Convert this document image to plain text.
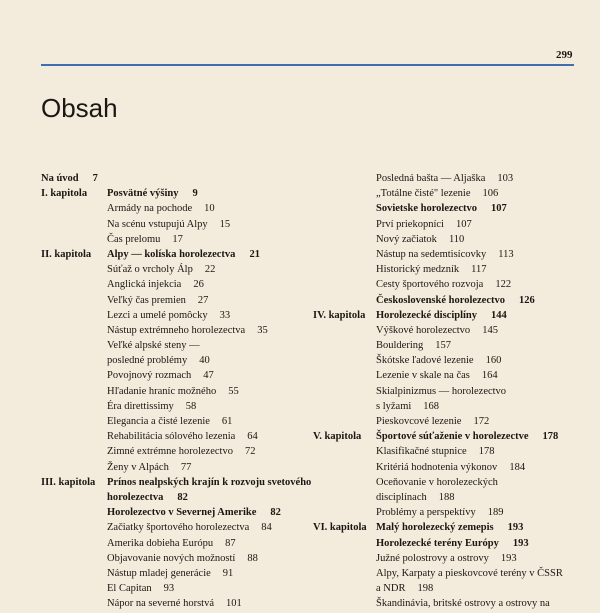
299
Obsah
Na úvod 7
I. kapitola Posvätné výšiny 9
Armády na pochode 10
Na scénu vstupujú Alpy 15
Čas prelomu 17
II. kapitola Alpy — kolíska horolezectva 21
Súťaž o vrcholy Álp 22
Anglická injekcia 26
Veľký čas premien 27
Lezci a umelé pomôcky 33
Nástup extrémneho horolezectva 35
Veľké alpské steny —
posledné problémy 40
Povojnový rozmach 47
Hľadanie hraníc možného 55
Éra direttissimy 58
Elegancia a čisté lezenie 61
Rehabilitácia sólového lezenia 64
Zimné extrémne horolezectvo 72
Ženy v Alpách 77
III. kapitola Prínos nealpských krajín k rozvoju svetového
horolezectva 82
Horolezectvo v Severnej Amerike 82
Začiatky športového horolezectva 84
Amerika dobieha Európu 87
Objavovanie nových možností 88
Nástup mladej generácie 91
El Capitan 93
Nápor na severné horstvá 101
Posledná bašta — Aljaška 103
„Totálne čisté" lezenie 106
Sovietske horolezectvo 107
Prví priekopníci 107
Nový začiatok 110
Nástup na sedemtisícovky 113
Historický medzník 117
Cesty športového rozvoja 122
Československé horolezectvo 126
IV. kapitola Horolezecké disciplíny 144
Výškové horolezectvo 145
Bouldering 157
Škótske ľadové lezenie 160
Lezenie v skale na čas 164
Skialpinizmus — horolezectvo
s lyžami 168
Pieskovcové lezenie 172
V. kapitola Športové súťaženie v horolezectve 178
Klasifikačné stupnice 178
Kritériá hodnotenia výkonov 184
Oceňovanie v horolezeckých
disciplínach 188
Problémy a perspektívy 189
VI. kapitola Malý horolezecký zemepis 193
Horolezecké terény Európy 193
Južné polostrovy a ostrovy 193
Alpy, Karpaty a pieskovcové terény v ČSSR
a NDR 198
Škandinávia, britské ostrovy a ostrovy na
